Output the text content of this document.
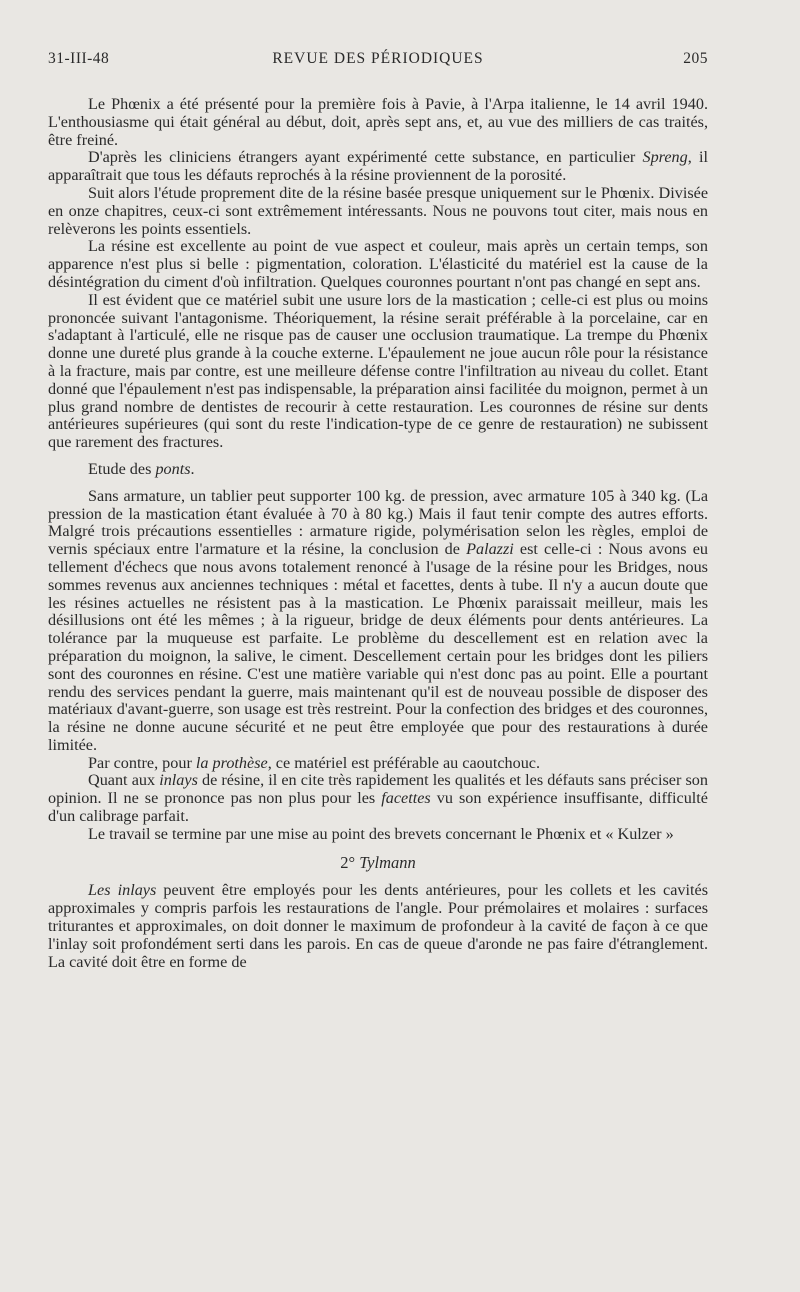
31-III-48	REVUE DES PÉRIODIQUES	205

Le Phœnix a été présenté pour la première fois à Pavie, à l'Arpa italienne, le 14 avril 1940. L'enthousiasme qui était général au début, doit, après sept ans, et, au vue des milliers de cas traités, être freiné.

D'après les cliniciens étrangers ayant expérimenté cette substance, en particulier Spreng, il apparaîtrait que tous les défauts reprochés à la résine proviennent de la porosité.

Suit alors l'étude proprement dite de la résine basée presque uniquement sur le Phœnix. Divisée en onze chapitres, ceux-ci sont extrêmement intéressants. Nous ne pouvons tout citer, mais nous en relèverons les points essentiels.

La résine est excellente au point de vue aspect et couleur, mais après un certain temps, son apparence n'est plus si belle : pigmentation, coloration. L'élasticité du matériel est la cause de la désintégration du ciment d'où infiltration. Quelques couronnes pourtant n'ont pas changé en sept ans.

Il est évident que ce matériel subit une usure lors de la mastication ; celle-ci est plus ou moins prononcée suivant l'antagonisme. Théoriquement, la résine serait préférable à la porcelaine, car en s'adaptant à l'articulé, elle ne risque pas de causer une occlusion traumatique. La trempe du Phœnix donne une dureté plus grande à la couche externe. L'épaulement ne joue aucun rôle pour la résistance à la fracture, mais par contre, est une meilleure défense contre l'infiltration au niveau du collet. Etant donné que l'épaulement n'est pas indispensable, la préparation ainsi facilitée du moignon, permet à un plus grand nombre de dentistes de recourir à cette restauration. Les couronnes de résine sur dents antérieures supérieures (qui sont du reste l'indication-type de ce genre de restauration) ne subissent que rarement des fractures.

Etude des ponts.

Sans armature, un tablier peut supporter 100 kg. de pression, avec armature 105 à 340 kg. (La pression de la mastication étant évaluée à 70 à 80 kg.) Mais il faut tenir compte des autres efforts. Malgré trois précautions essentielles : armature rigide, polymérisation selon les règles, emploi de vernis spéciaux entre l'armature et la résine, la conclusion de Palazzi est celle-ci : Nous avons eu tellement d'échecs que nous avons totalement renoncé à l'usage de la résine pour les Bridges, nous sommes revenus aux anciennes techniques : métal et facettes, dents à tube. Il n'y a aucun doute que les résines actuelles ne résistent pas à la mastication. Le Phœnix paraissait meilleur, mais les désillusions ont été les mêmes ; à la rigueur, bridge de deux éléments pour dents antérieures. La tolérance par la muqueuse est parfaite. Le problème du descellement est en relation avec la préparation du moignon, la salive, le ciment. Descellement certain pour les bridges dont les piliers sont des couronnes en résine. C'est une matière variable qui n'est donc pas au point. Elle a pourtant rendu des services pendant la guerre, mais maintenant qu'il est de nouveau possible de disposer des matériaux d'avant-guerre, son usage est très restreint. Pour la confection des bridges et des couronnes, la résine ne donne aucune sécurité et ne peut être employée que pour des restaurations à durée limitée.

Par contre, pour la prothèse, ce matériel est préférable au caoutchouc.

Quant aux inlays de résine, il en cite très rapidement les qualités et les défauts sans préciser son opinion. Il ne se prononce pas non plus pour les facettes vu son expérience insuffisante, difficulté d'un calibrage parfait.

Le travail se termine par une mise au point des brevets concernant le Phœnix et « Kulzer »

2° Tylmann

Les inlays peuvent être employés pour les dents antérieures, pour les collets et les cavités approximales y compris parfois les restaurations de l'angle. Pour prémolaires et molaires : surfaces triturantes et approximales, on doit donner le maximum de profondeur à la cavité de façon à ce que l'inlay soit profondément serti dans les parois. En cas de queue d'aronde ne pas faire d'étranglement. La cavité doit être en forme de
